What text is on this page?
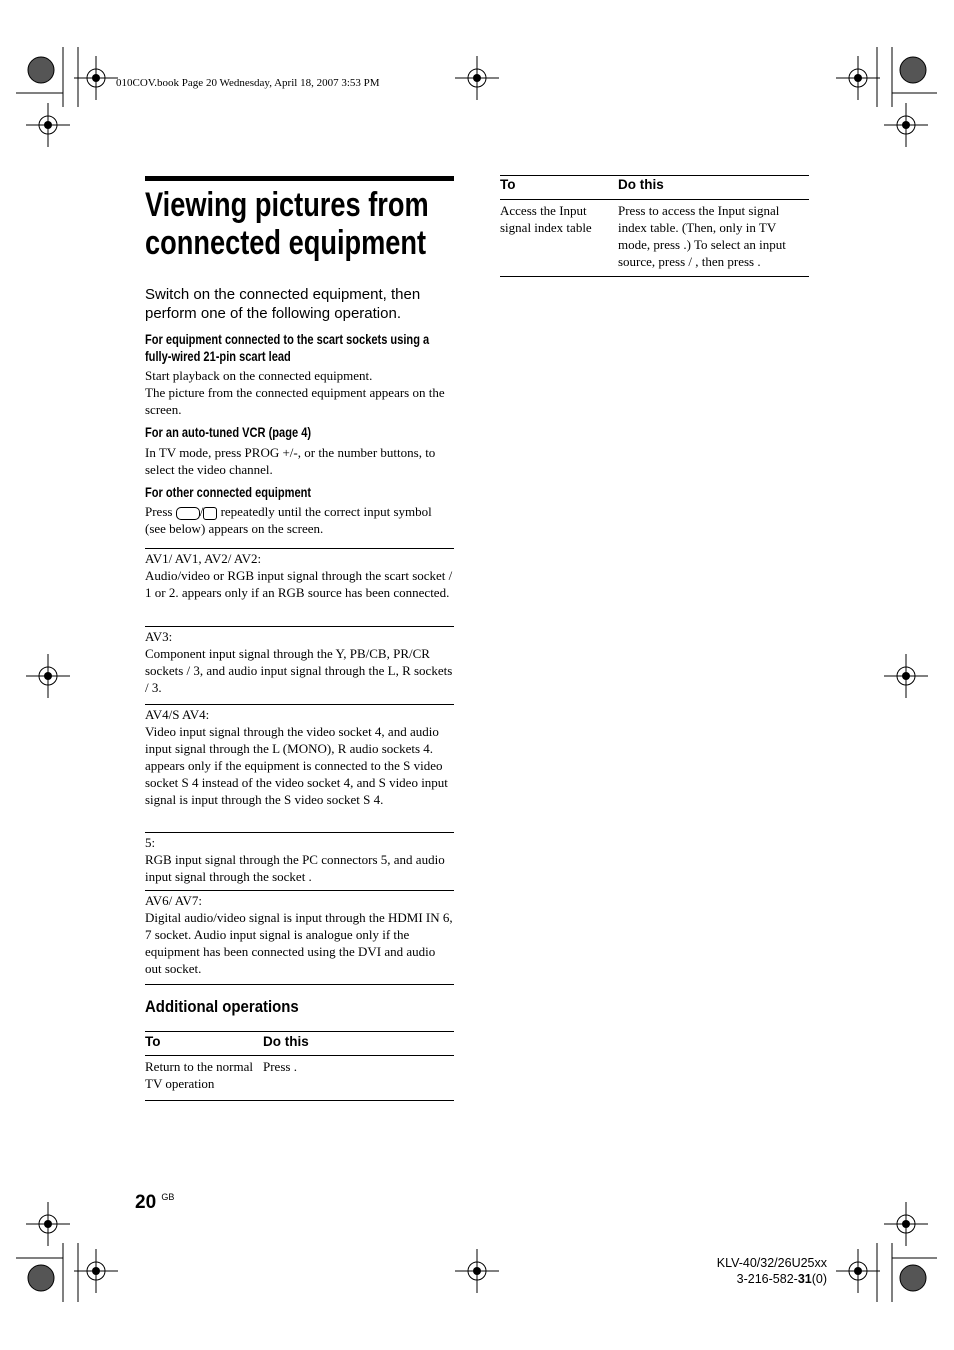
010COV.book Page 20 Wednesday, April 18, 2007 3:53 PM
Viewing pictures from
connected equipment
Switch on the connected equipment, then perform one of the following operation.
For equipment connected to the scart sockets using a
fully-wired 21-pin scart lead
Start playback on the connected equipment.
The picture from the connected equipment appears on the screen.
For an auto-tuned VCR (page 4)
In TV mode, press PROG +/-, or the number buttons, to select the video channel.
For other connected equipment
Press / repeatedly until the correct input symbol (see below) appears on the screen.
AV1/ AV1, AV2/ AV2:
Audio/video or RGB input signal through the scart socket / 1 or 2. appears only if an RGB source has been connected.
AV3:
Component input signal through the Y, PB/CB, PR/CR sockets / 3, and audio input signal through the L, R sockets / 3.
AV4/S AV4:
Video input signal through the video socket 4, and audio input signal through the L (MONO), R audio sockets 4. appears only if the equipment is connected to the S video socket S 4 instead of the video socket 4, and S video input signal is input through the S video socket S 4.
5:
RGB input signal through the PC connectors 5, and audio input signal through the socket .
AV6/ AV7:
Digital audio/video signal is input through the HDMI IN 6, 7 socket. Audio input signal is analogue only if the equipment has been connected using the DVI and audio out socket.
Additional operations
To	Do this
Return to the normal TV operation
Press .
To	Do this
Access the Input signal index table
Press to access the Input signal index table. (Then, only in TV mode, press .) To select an input source, press / , then press .
20 $^{GB}$
KLV-40/32/26U25xx
3-216-582-31(0)
